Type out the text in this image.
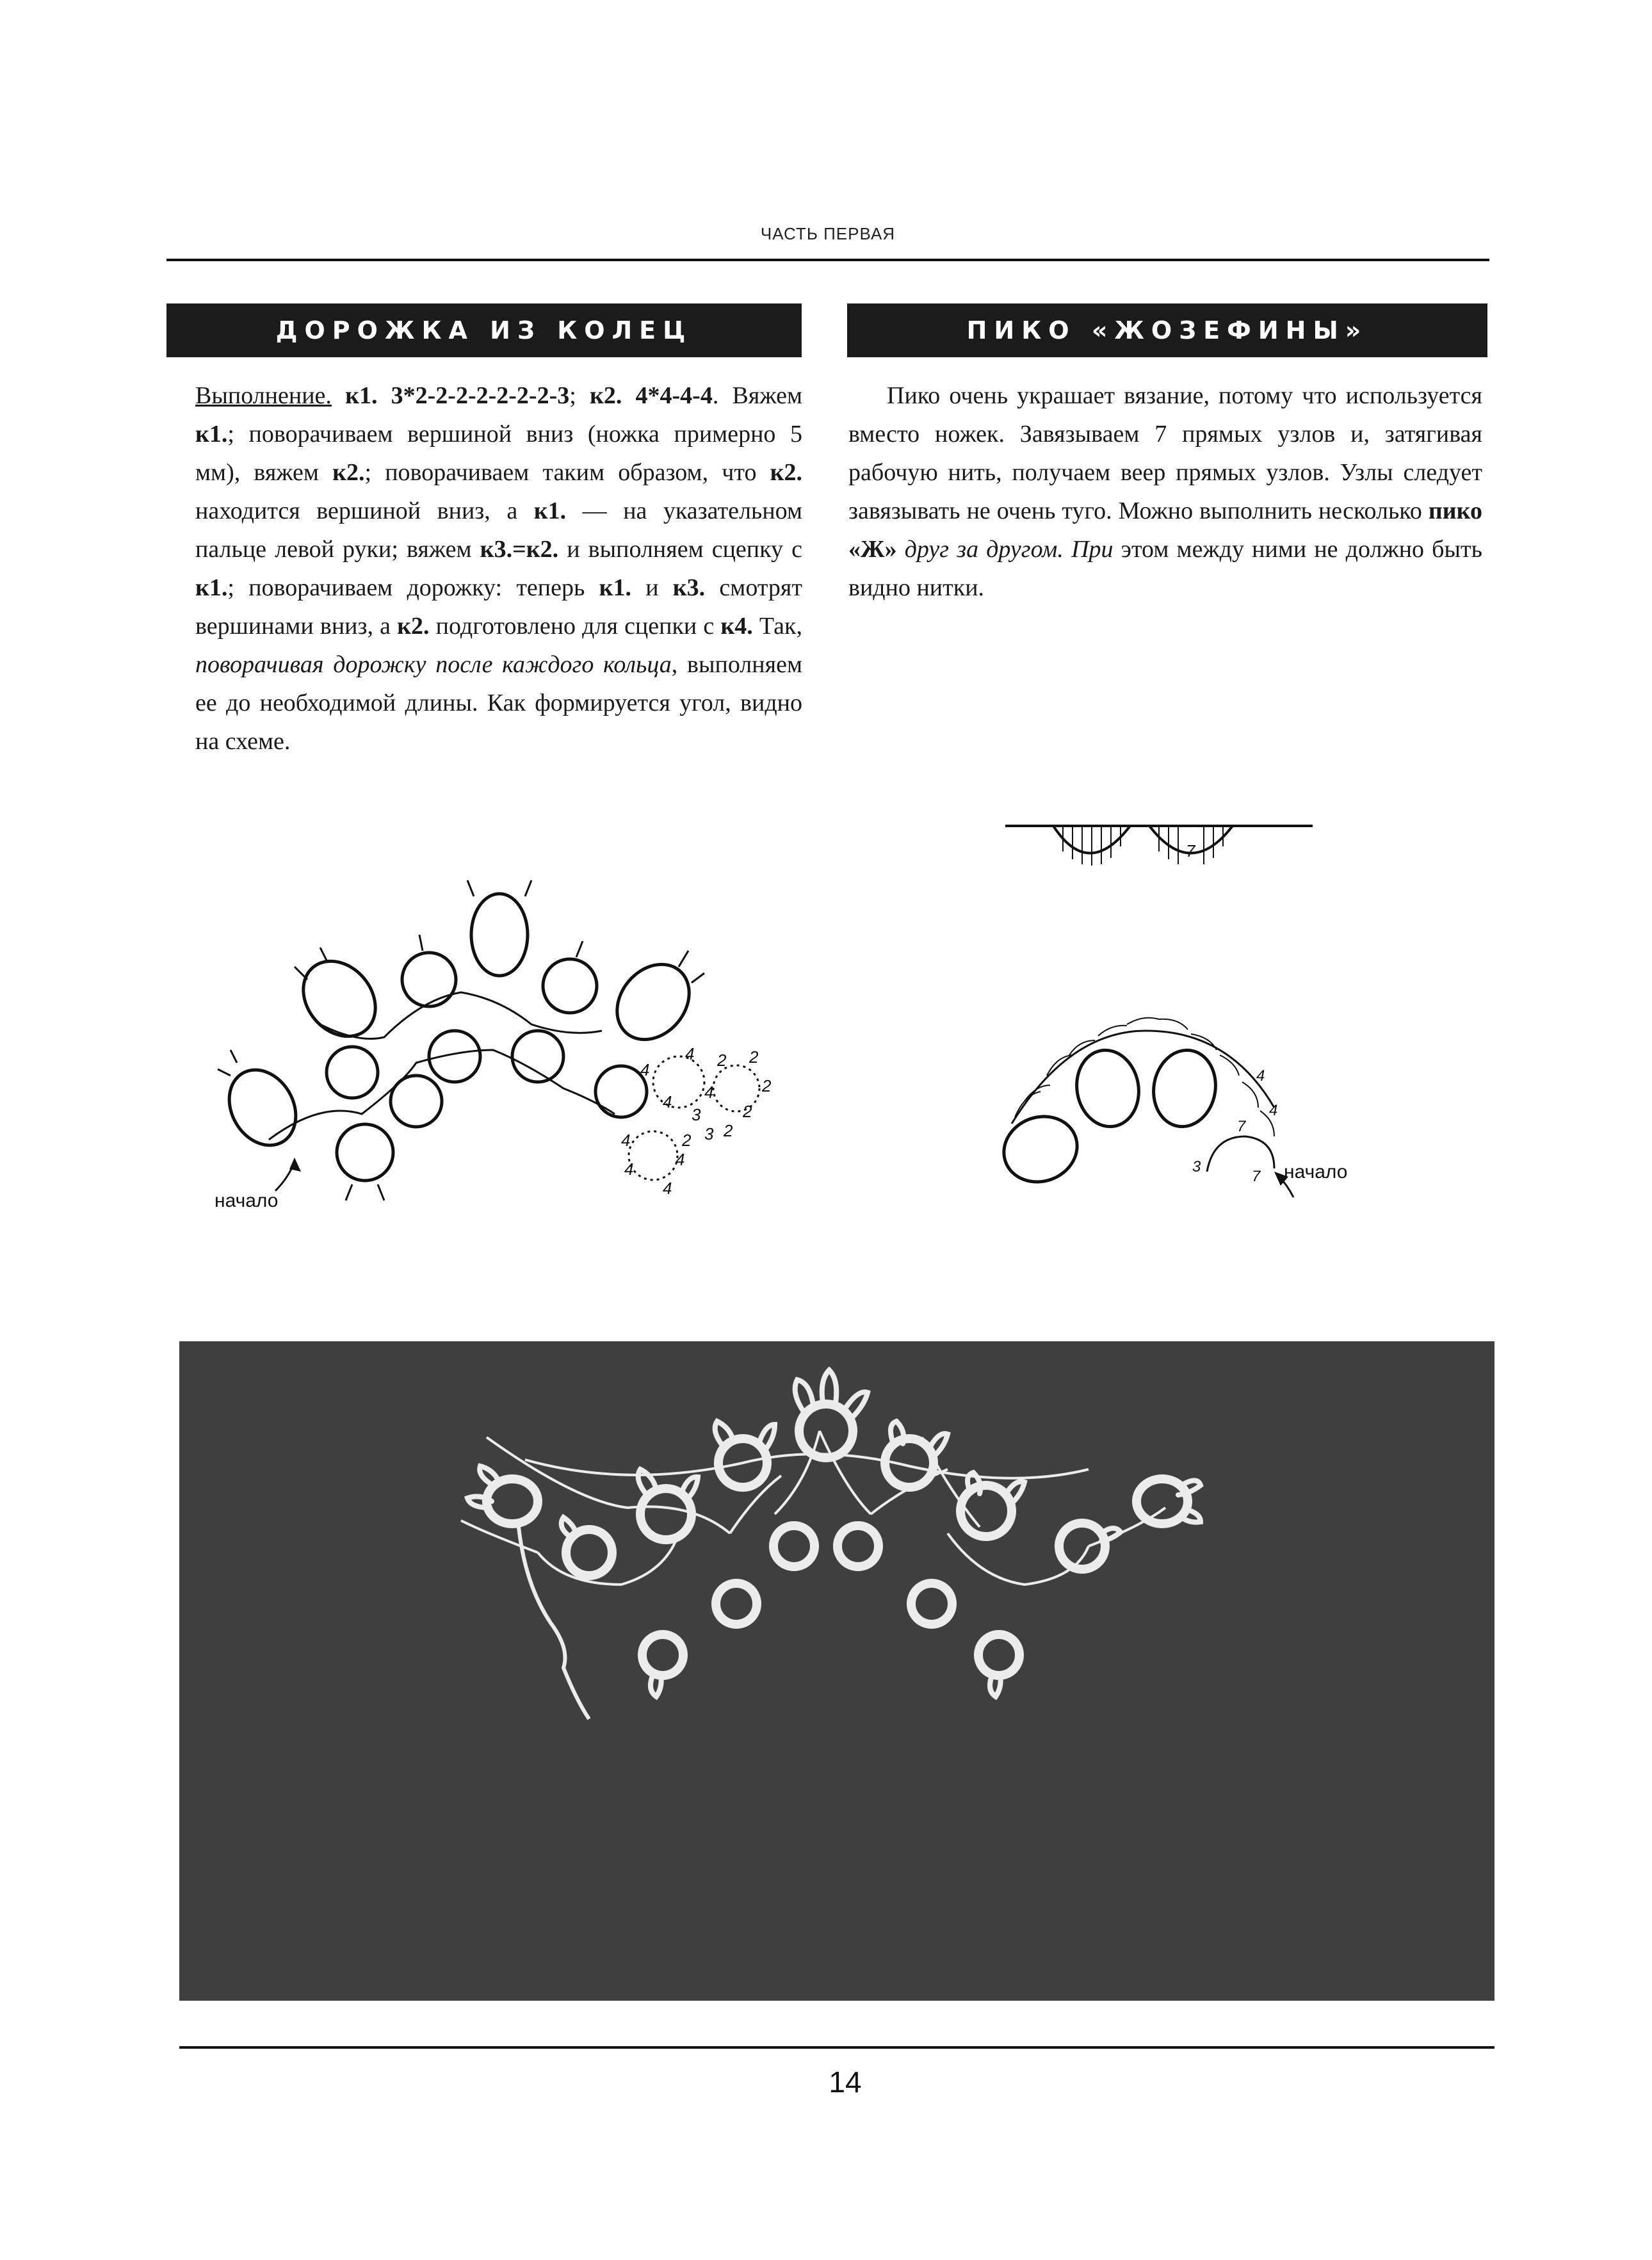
ЧАСТЬ ПЕРВАЯ
ДОРОЖКА ИЗ КОЛЕЦ	ПИКО «ЖОЗЕФИНЫ»
Выполнение. к1. 3*2-2-2-2-2-2-2-3; к2. 4*4-4-4. Вяжем к1.; поворачиваем вершиной вниз (ножка примерно 5 мм), вяжем к2.; поворачиваем таким образом, что к2. находится вершиной вниз, а к1. — на указательном пальце левой руки; вяжем к3.=к2. и выполняем сцепку с к1.; поворачиваем дорожку: теперь к1. и к3. смотрят вершинами вниз, а к2. подготовлено для сцепки с к4. Так, поворачивая дорожку после каждого кольца, выполняем ее до необходимой длины. Как формируется угол, видно на схеме.
Пико очень украшает вязание, потому что используется вместо ножек. Завязываем 7 прямых узлов и, затягивая рабочую нить, получаем веер прямых узлов. Узлы следует завязывать не очень туго. Можно выполнить несколько пико «Ж» друг за другом. При этом между ними не должно быть видно нитки.
4
4
4 4
2 2
2
2
3
3 2
2
4
4
4
4
начало
7
7
3
7
4
4
начало
14
